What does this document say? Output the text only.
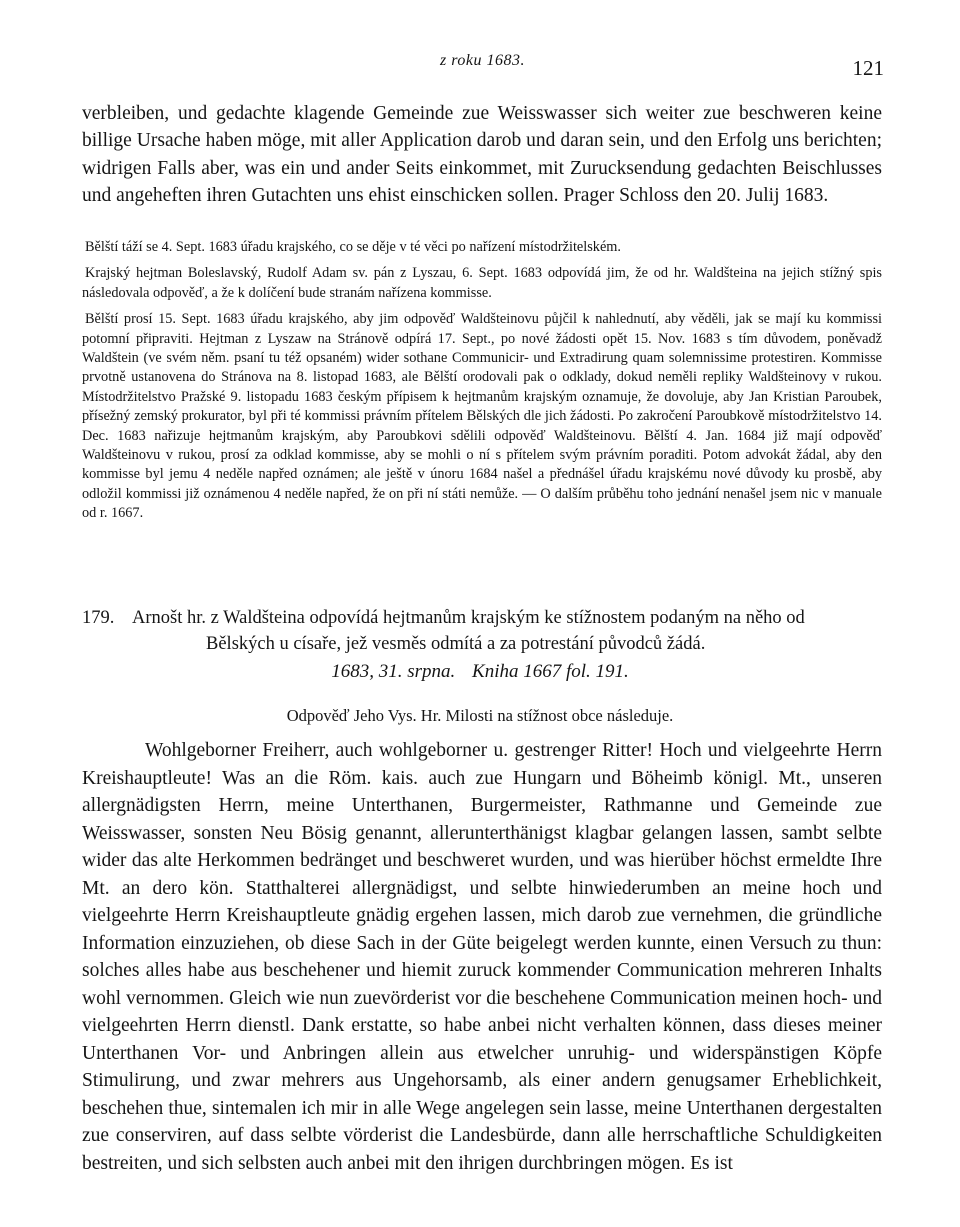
z roku 1683.	121

verbleiben, und gedachte klagende Gemeinde zue Weisswasser sich weiter zue beschweren keine billige Ursache haben möge, mit aller Application darob und daran sein, und den Erfolg uns berichten; widrigen Falls aber, was ein und ander Seits einkommet, mit Zurucksendung gedachten Beischlusses und angeheften ihren Gutachten uns ehist einschicken sollen. Prager Schloss den 20. Julij 1683.

Bělští táží se 4. Sept. 1683 úřadu krajského, co se děje v té věci po nařízení místodržitelském.

Krajský hejtman Boleslavský, Rudolf Adam sv. pán z Lyszau, 6. Sept. 1683 odpovídá jim, že od hr. Waldšteina na jejich stížný spis následovala odpověď, a že k dolíčení bude stranám nařízena kommisse.

Bělští prosí 15. Sept. 1683 úřadu krajského, aby jim odpověď Waldšteinovu půjčil k nahlednutí, aby věděli, jak se mají ku kommissi potomní připraviti. Hejtman z Lyszaw na Stránově odpírá 17. Sept., po nové žádosti opět 15. Nov. 1683 s tím důvodem, poněvadž Waldštein (ve svém něm. psaní tu též opsaném) wider sothane Communicir- und Extradirung quam solemnissime protestiren. Kommisse prvotně ustanovena do Stránova na 8. listopad 1683, ale Bělští orodovali pak o odklady, dokud neměli repliky Waldšteinovy v rukou. Místodržitelstvo Pražské 9. listopadu 1683 českým přípisem k hejtmanům krajským oznamuje, že dovoluje, aby Jan Kristian Paroubek, přísežný zemský prokurator, byl při té kommissi právním přítelem Bělských dle jich žádosti. Po zakročení Paroubkově místodržitelstvo 14. Dec. 1683 nařizuje hejtmanům krajským, aby Paroubkovi sdělili odpověď Waldšteinovu. Bělští 4. Jan. 1684 již mají odpověď Waldšteinovu v rukou, prosí za odklad kommisse, aby se mohli o ní s přítelem svým právním poraditi. Potom advokát žádal, aby den kommisse byl jemu 4 neděle napřed oznámen; ale ještě v únoru 1684 našel a přednášel úřadu krajskému nové důvody ku prosbě, aby odložil kommissi již oznámenou 4 neděle napřed, že on při ní státi nemůže. — O dalším průběhu toho jednání nenašel jsem nic v manuale od r. 1667.

179. Arnošt hr. z Waldšteina odpovídá hejtmanům krajským ke stížnostem podaným na něho od
Bělských u císaře, jež vesměs odmítá a za potrestání původců žádá.
1683, 31. srpna. Kniha 1667 fol. 191.
Odpověď Jeho Vys. Hr. Milosti na stížnost obce následuje.

Wohlgeborner Freiherr, auch wohlgeborner u. gestrenger Ritter! Hoch und vielgeehrte Herrn Kreishauptleute! Was an die Röm. kais. auch zue Hungarn und Böheimb königl. Mt., unseren allergnädigsten Herrn, meine Unterthanen, Burgermeister, Rathmanne und Gemeinde zue Weisswasser, sonsten Neu Bösig genannt, allerunterthänigst klagbar gelangen lassen, sambt selbte wider das alte Herkommen bedränget und beschweret wurden, und was hierüber höchst ermeldte Ihre Mt. an dero kön. Statthalterei allergnädigst, und selbte hinwiederumben an meine hoch und vielgeehrte Herrn Kreishauptleute gnädig ergehen lassen, mich darob zue vernehmen, die gründliche Information einzuziehen, ob diese Sach in der Güte beigelegt werden kunnte, einen Versuch zu thun: solches alles habe aus beschehener und hiemit zuruck kommender Communication mehreren Inhalts wohl vernommen. Gleich wie nun zuevörderist vor die beschehene Communication meinen hoch- und vielgeehrten Herrn dienstl. Dank erstatte, so habe anbei nicht verhalten können, dass dieses meiner Unterthanen Vor- und Anbringen allein aus etwelcher unruhig- und widerspänstigen Köpfe Stimulirung, und zwar mehrers aus Ungehorsamb, als einer andern genugsamer Erheblichkeit, beschehen thue, sintemalen ich mir in alle Wege angelegen sein lasse, meine Unterthanen dergestalten zue conserviren, auf dass selbte vörderist die Landesbürde, dann alle herrschaftliche Schuldigkeiten bestreiten, und sich selbsten auch anbei mit den ihrigen durchbringen mögen. Es ist
